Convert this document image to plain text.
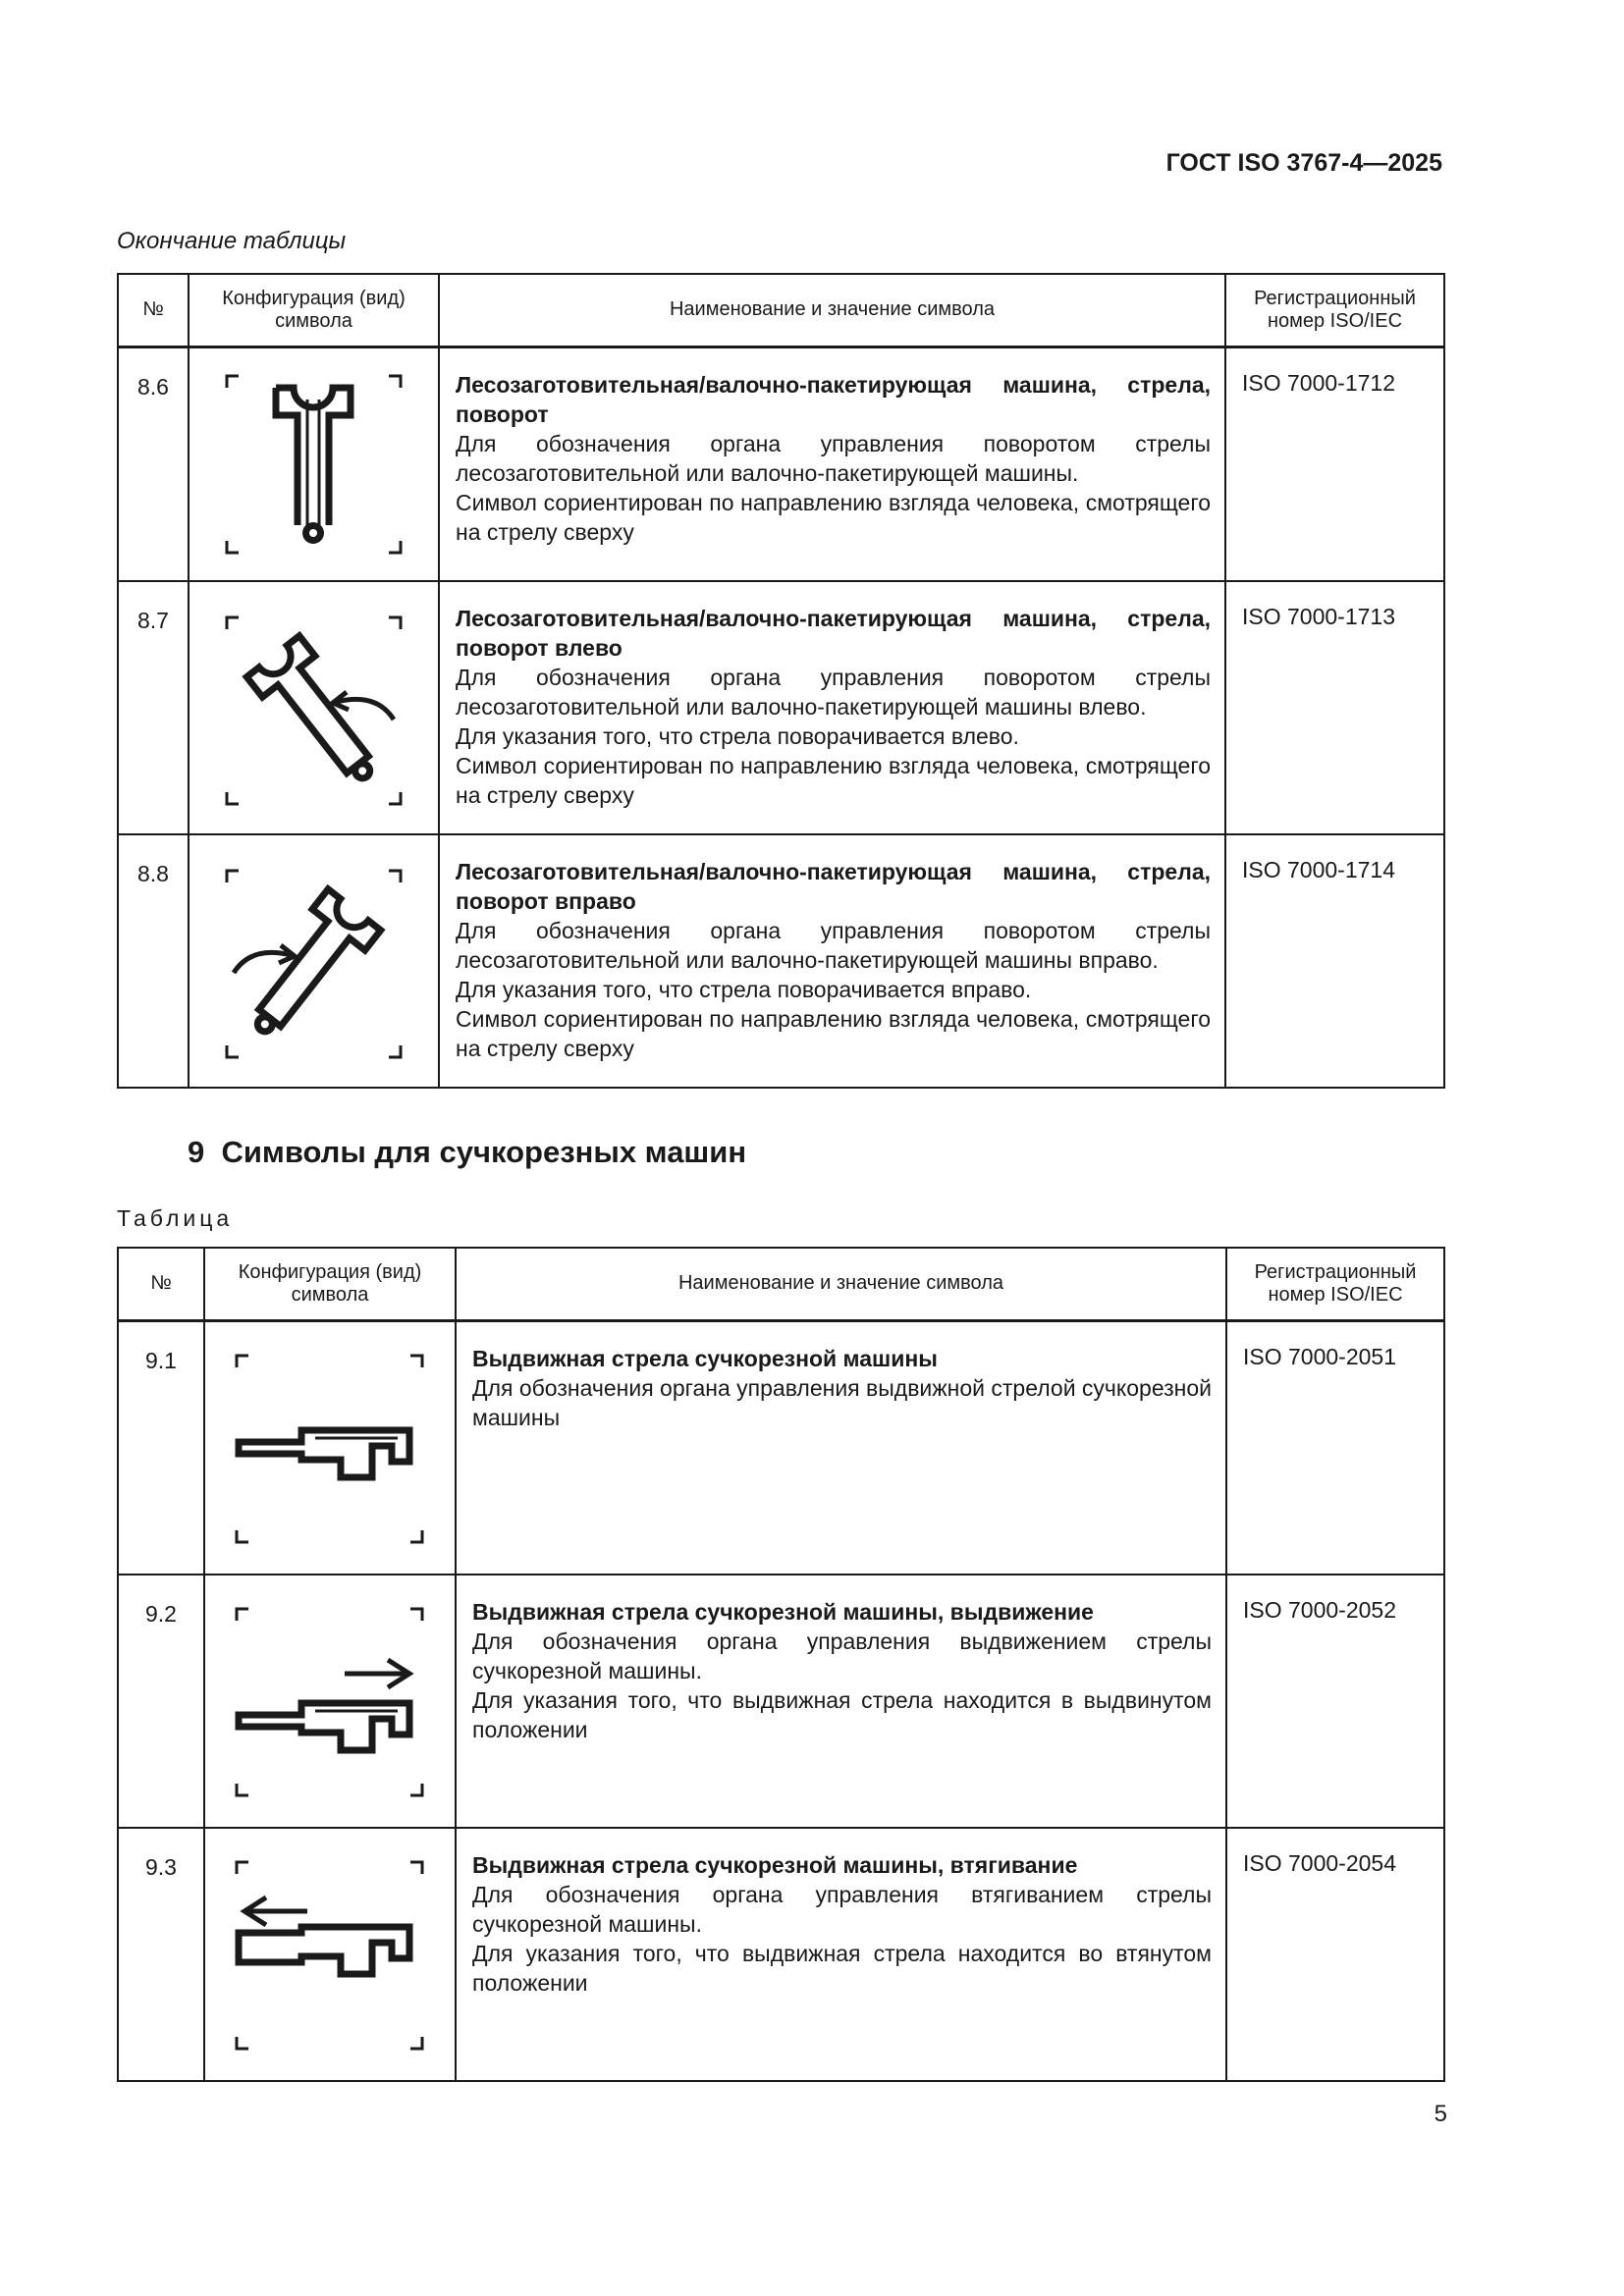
ГОСТ ISO 3767-4—2025
Окончание таблицы
№	Конфигурация (вид) символа	Наименование и значение символа	Регистрационный номер ISO/IEC
8.6		Лесозаготовительная/валочно-пакетирующая машина, стрела, поворот

Для обозначения органа управления поворотом стрелы лесозаготовительной или валочно-пакетирующей машины.

Символ сориентирован по направлению взгляда человека, смотрящего на стрелу сверху	ISO 7000-1712
8.7		Лесозаготовительная/валочно-пакетирующая машина, стрела, поворот влево

Для обозначения органа управления поворотом стрелы лесозаготовительной или валочно-пакетирующей машины влево.

Для указания того, что стрела поворачивается влево.

Символ сориентирован по направлению взгляда человека, смотрящего на стрелу сверху	ISO 7000-1713
8.8		Лесозаготовительная/валочно-пакетирующая машина, стрела, поворот вправо

Для обозначения органа управления поворотом стрелы лесозаготовительной или валочно-пакетирующей машины вправо.

Для указания того, что стрела поворачивается вправо.

Символ сориентирован по направлению взгляда человека, смотрящего на стрелу сверху	ISO 7000-1714
9  Символы для сучкорезных машин
Таблица
№	Конфигурация (вид) символа	Наименование и значение символа	Регистрационный номер ISO/IEC
9.1		Выдвижная стрела сучкорезной машины

Для обозначения органа управления выдвижной стрелой сучкорезной машины	ISO 7000-2051
9.2		Выдвижная стрела сучкорезной машины, выдвижение

Для обозначения органа управления выдвижением стрелы сучкорезной машины.

Для указания того, что выдвижная стрела находится в выдвинутом положении	ISO 7000-2052
9.3		Выдвижная стрела сучкорезной машины, втягивание

Для обозначения органа управления втягиванием стрелы сучкорезной машины.

Для указания того, что выдвижная стрела находится во втянутом положении	ISO 7000-2054
5
